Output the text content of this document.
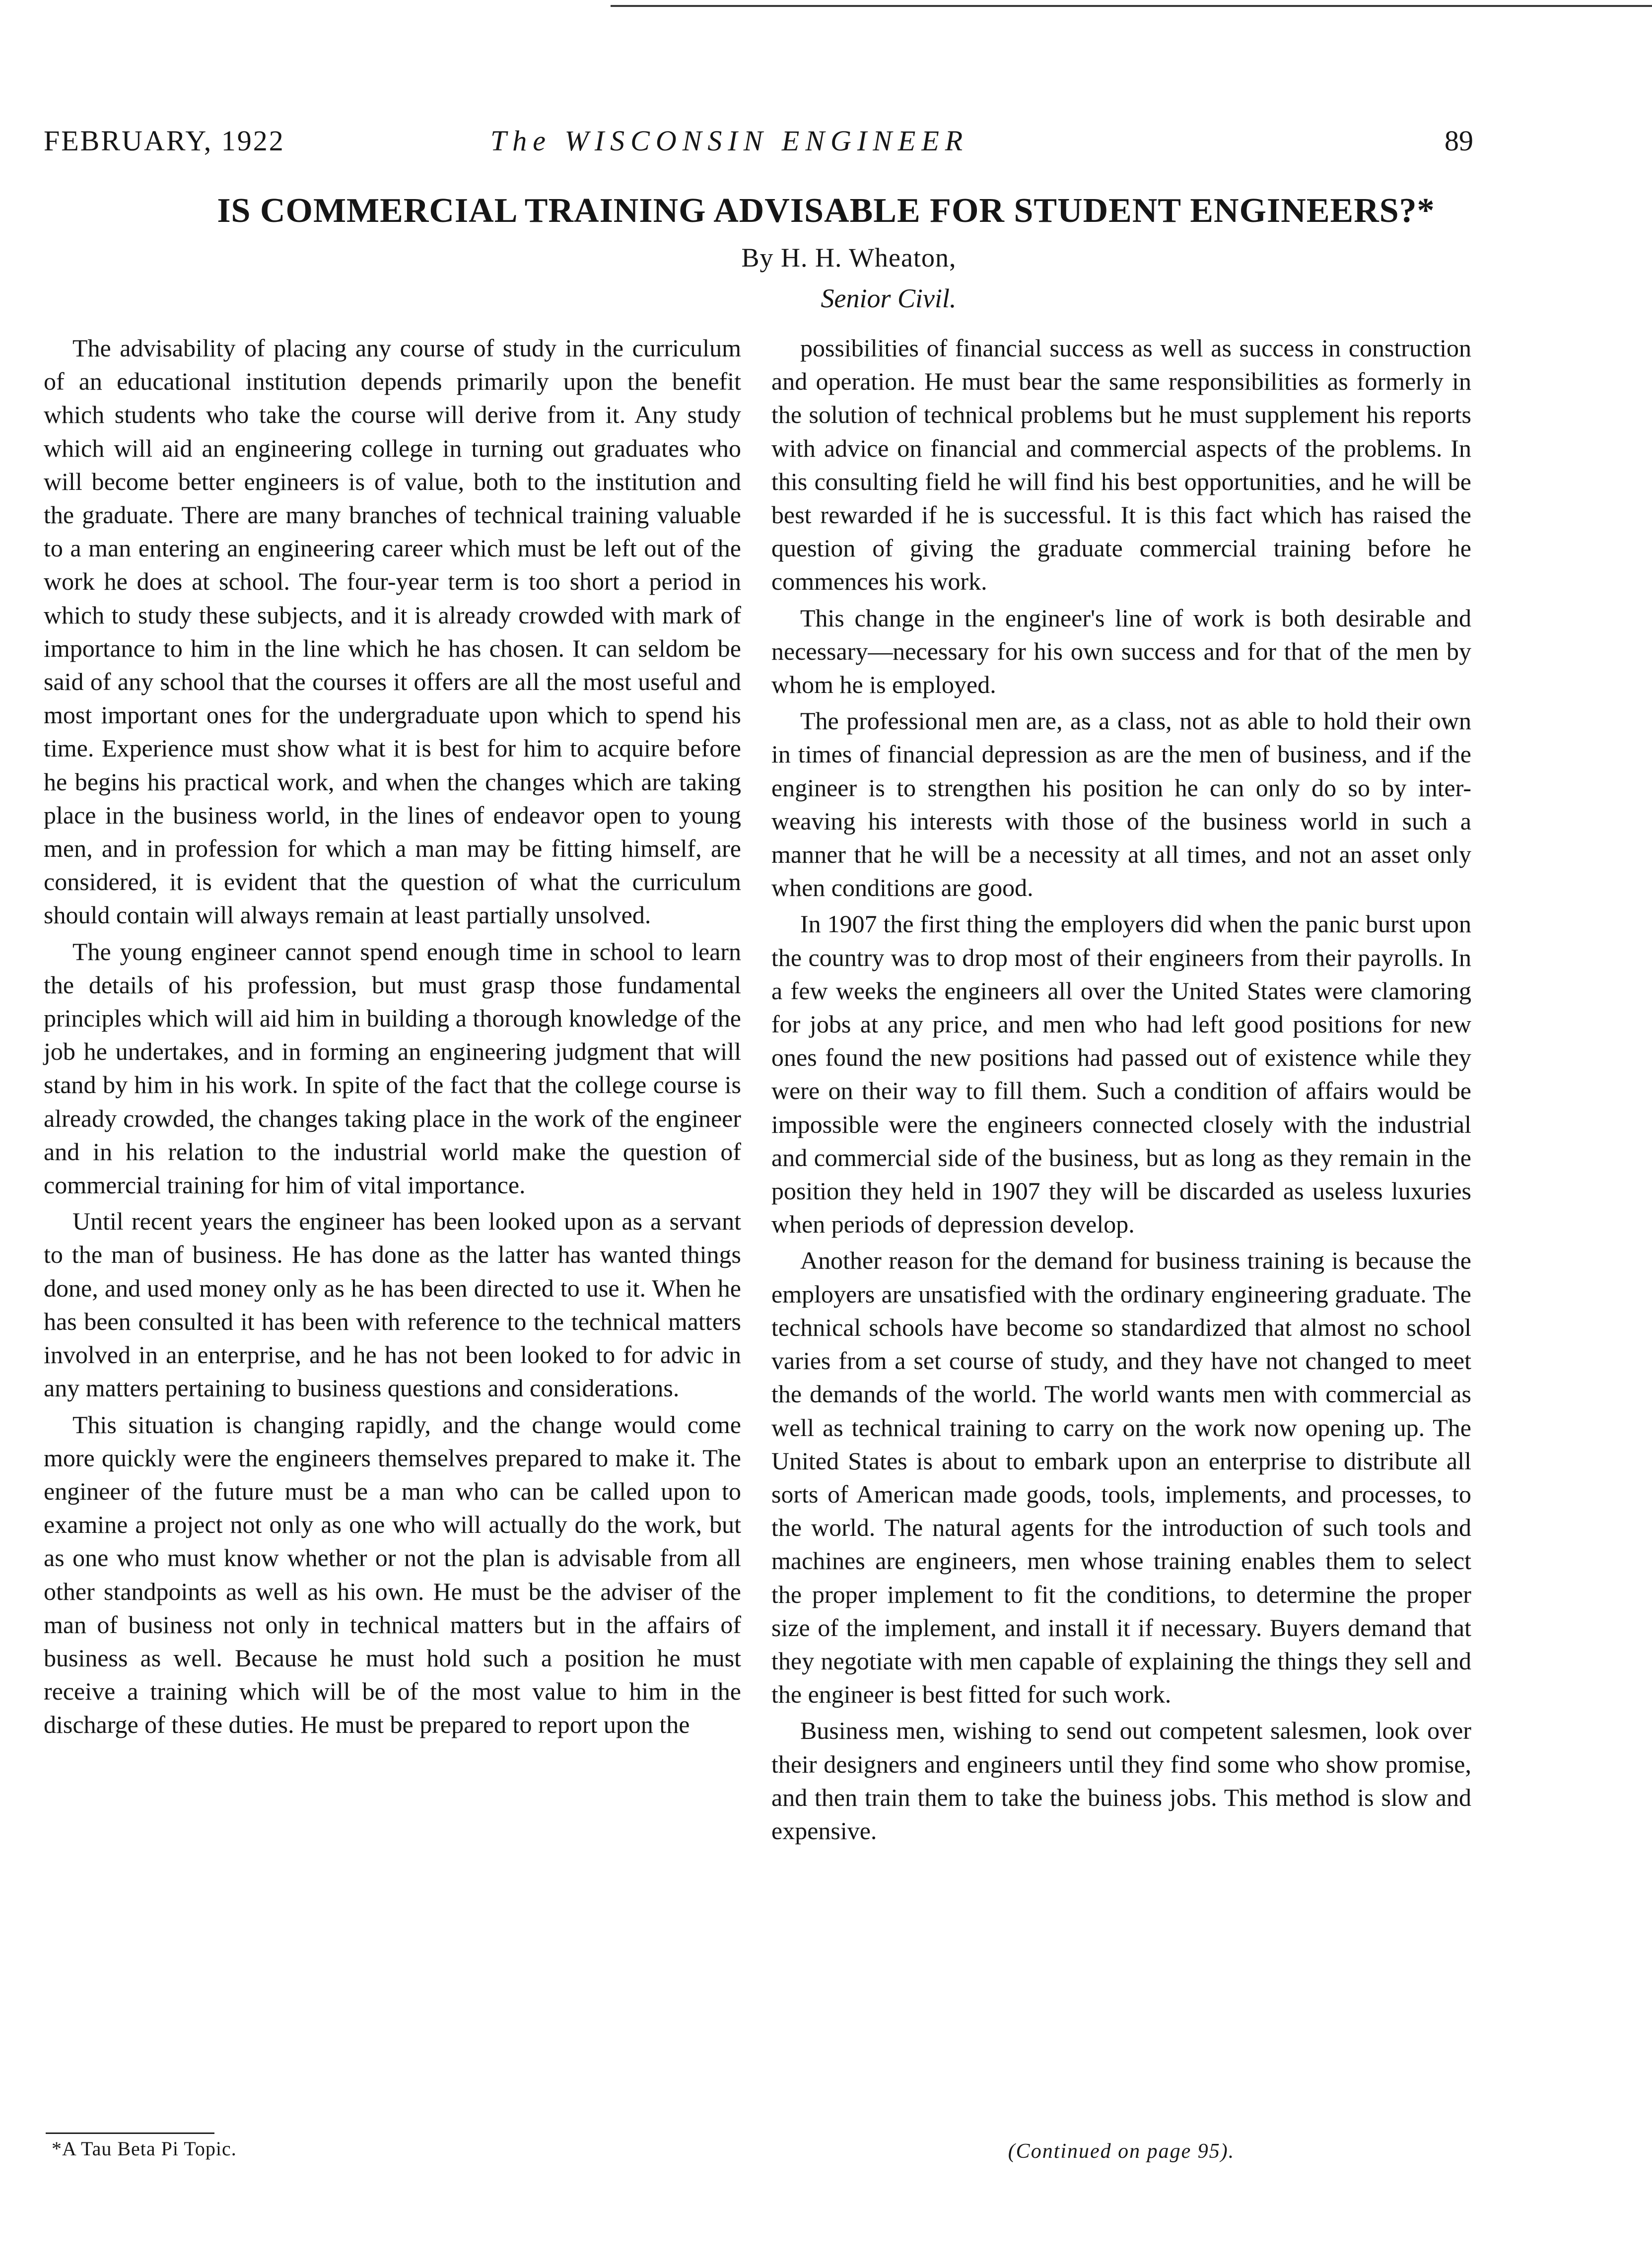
FEBRUARY, 1922	The WISCONSIN ENGINEER	89
IS COMMERCIAL TRAINING ADVISABLE FOR STUDENT ENGINEERS?*
By H. H. Wheaton,
Senior Civil.

The advisability of placing any course of study in the curriculum of an educational institution depends primarily upon the benefit which students who take the course will derive from it. Any study which will aid an engineering college in turning out graduates who will become better engineers is of value, both to the institution and the graduate. There are many branches of technical training valuable to a man entering an engineering career which must be left out of the work he does at school. The four-year term is too short a period in which to study these subjects, and it is already crowded with mark of importance to him in the line which he has chosen. It can seldom be said of any school that the courses it offers are all the most useful and most important ones for the undergraduate upon which to spend his time. Experience must show what it is best for him to acquire before he begins his practical work, and when the changes which are taking place in the business world, in the lines of endeavor open to young men, and in profession for which a man may be fitting himself, are considered, it is evident that the question of what the curriculum should contain will always remain at least partially unsolved.

The young engineer cannot spend enough time in school to learn the details of his profession, but must grasp those fundamental principles which will aid him in building a thorough knowledge of the job he undertakes, and in forming an engineering judgment that will stand by him in his work. In spite of the fact that the college course is already crowded, the changes taking place in the work of the engineer and in his relation to the industrial world make the question of commercial training for him of vital importance.

Until recent years the engineer has been looked upon as a servant to the man of business. He has done as the latter has wanted things done, and used money only as he has been directed to use it. When he has been consulted it has been with reference to the technical matters involved in an enterprise, and he has not been looked to for advic in any matters pertaining to business questions and considerations.

This situation is changing rapidly, and the change would come more quickly were the engineers themselves prepared to make it. The engineer of the future must be a man who can be called upon to examine a project not only as one who will actually do the work, but as one who must know whether or not the plan is advisable from all other standpoints as well as his own. He must be the adviser of the man of business not only in technical matters but in the affairs of business as well. Because he must hold such a position he must receive a training which will be of the most value to him in the discharge of these duties. He must be prepared to report upon the

possibilities of financial success as well as success in construction and operation. He must bear the same responsibilities as formerly in the solution of technical problems but he must supplement his reports with advice on financial and commercial aspects of the problems. In this consulting field he will find his best opportunities, and he will be best rewarded if he is successful. It is this fact which has raised the question of giving the graduate commercial training before he commences his work.

This change in the engineer's line of work is both desirable and necessary—necessary for his own success and for that of the men by whom he is employed.

The professional men are, as a class, not as able to hold their own in times of financial depression as are the men of business, and if the engineer is to strengthen his position he can only do so by inter-weaving his interests with those of the business world in such a manner that he will be a necessity at all times, and not an asset only when conditions are good.

In 1907 the first thing the employers did when the panic burst upon the country was to drop most of their engineers from their payrolls. In a few weeks the engineers all over the United States were clamoring for jobs at any price, and men who had left good positions for new ones found the new positions had passed out of existence while they were on their way to fill them. Such a condition of affairs would be impossible were the engineers connected closely with the industrial and commercial side of the business, but as long as they remain in the position they held in 1907 they will be discarded as useless luxuries when periods of depression develop.

Another reason for the demand for business training is because the employers are unsatisfied with the ordinary engineering graduate. The technical schools have become so standardized that almost no school varies from a set course of study, and they have not changed to meet the demands of the world. The world wants men with commercial as well as technical training to carry on the work now opening up. The United States is about to embark upon an enterprise to distribute all sorts of American made goods, tools, implements, and processes, to the world. The natural agents for the introduction of such tools and machines are engineers, men whose training enables them to select the proper implement to fit the conditions, to determine the proper size of the implement, and install it if necessary. Buyers demand that they negotiate with men capable of explaining the things they sell and the engineer is best fitted for such work.

Business men, wishing to send out competent salesmen, look over their designers and engineers until they find some who show promise, and then train them to take the buiness jobs. This method is slow and expensive.

*A Tau Beta Pi Topic.	(Continued on page 95).
